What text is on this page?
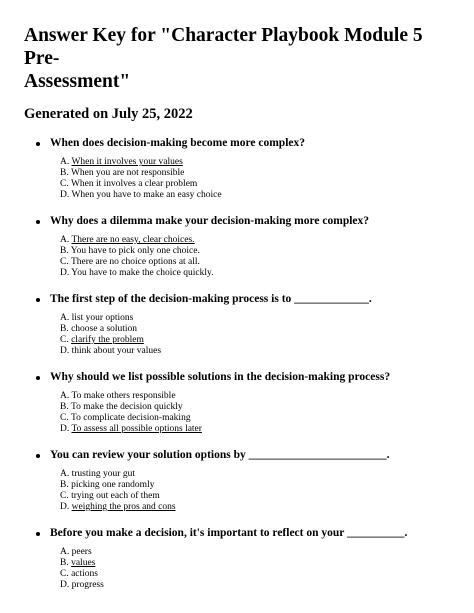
Answer Key for "Character Playbook Module 5 Pre-
Assessment"
Generated on July 25, 2022
When does decision-making become more complex?
A. When it involves your values
B. When you are not responsible
C. When it involves a clear problem
D. When you have to make an easy choice
Why does a dilemma make your decision-making more complex?
A. There are no easy, clear choices.
B. You have to pick only one choice.
C. There are no choice options at all.
D. You have to make the choice quickly.
The first step of the decision-making process is to _____________.
A. list your options
B. choose a solution
C. clarify the problem
D. think about your values
Why should we list possible solutions in the decision-making process?
A. To make others responsible
B. To make the decision quickly
C. To complicate decision-making
D. To assess all possible options later
You can review your solution options by ________________________.
A. trusting your gut
B. picking one randomly
C. trying out each of them
D. weighing the pros and cons
Before you make a decision, it's important to reflect on your __________.
A. peers
B. values
C. actions
D. progress
